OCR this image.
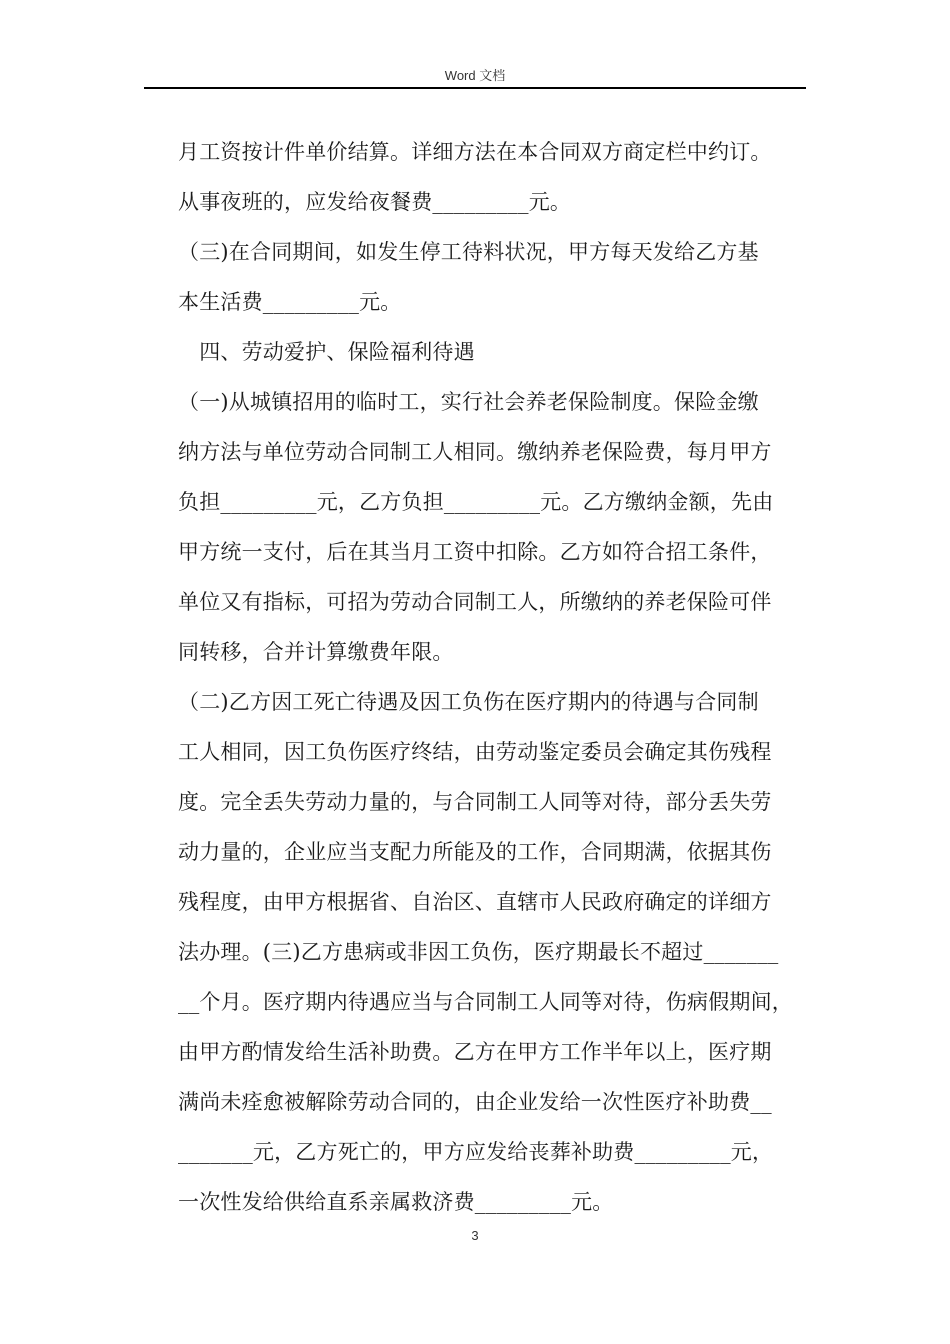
Word 文档
月工资按计件单价结算。详细方法在本合同双方商定栏中约订。
从事夜班的，应发给夜餐费_________元。
（三)在合同期间，如发生停工待料状况，甲方每天发给乙方基
本生活费_________元。
　四、劳动爱护、保险福利待遇
（一)从城镇招用的临时工，实行社会养老保险制度。保险金缴
纳方法与单位劳动合同制工人相同。缴纳养老保险费，每月甲方
负担_________元，乙方负担_________元。乙方缴纳金额，先由
甲方统一支付，后在其当月工资中扣除。乙方如符合招工条件，
单位又有指标，可招为劳动合同制工人，所缴纳的养老保险可伴
同转移，合并计算缴费年限。
（二)乙方因工死亡待遇及因工负伤在医疗期内的待遇与合同制
工人相同，因工负伤医疗终结，由劳动鉴定委员会确定其伤残程
度。完全丢失劳动力量的，与合同制工人同等对待，部分丢失劳
动力量的，企业应当支配力所能及的工作，合同期满，依据其伤
残程度，由甲方根据省、自治区、直辖市人民政府确定的详细方
法办理。(三)乙方患病或非因工负伤，医疗期最长不超过_______
__个月。医疗期内待遇应当与合同制工人同等对待，伤病假期间，
由甲方酌情发给生活补助费。乙方在甲方工作半年以上，医疗期
满尚未痊愈被解除劳动合同的，由企业发给一次性医疗补助费__
_______元，乙方死亡的，甲方应发给丧葬补助费_________元，
一次性发给供给直系亲属救济费_________元。
3
